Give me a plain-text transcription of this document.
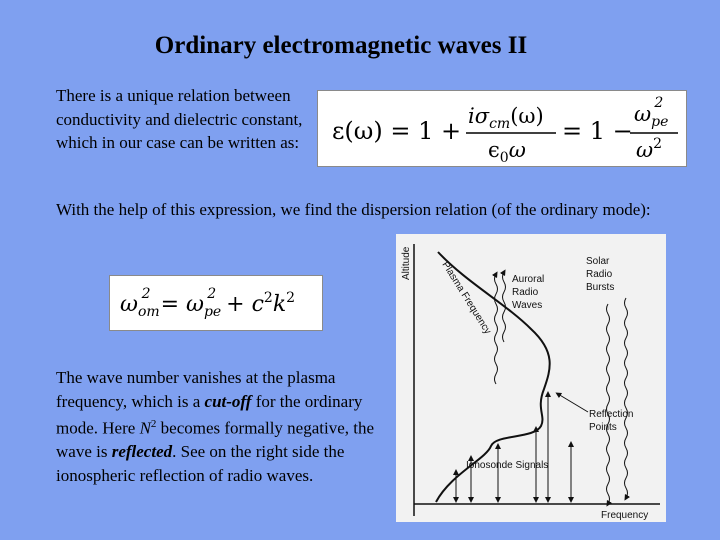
Ordinary electromagnetic waves II
There is a unique relation between conductivity and dielectric constant, which in our case can be written as: ε(ω) = 1 +
iσcm(ω)
ϵ0ω
= 1 −
ωpe2
ω2
With the help of this expression, we find the dispersion relation (of the ordinary mode):
ωom2 = ωpe2 + c2k2
The wave number vanishes at the plasma frequency, which is a cut-off for the ordinary mode. Here $N^2$ becomes formally negative, the wave is reflected. See on the right side the ionospheric reflection of radio waves.
Altitude
Frequency
Plasma Frequency Auroral
Radio
Waves
Solar
Radio
Bursts
Ionosonde Signals
Reflection
Points
